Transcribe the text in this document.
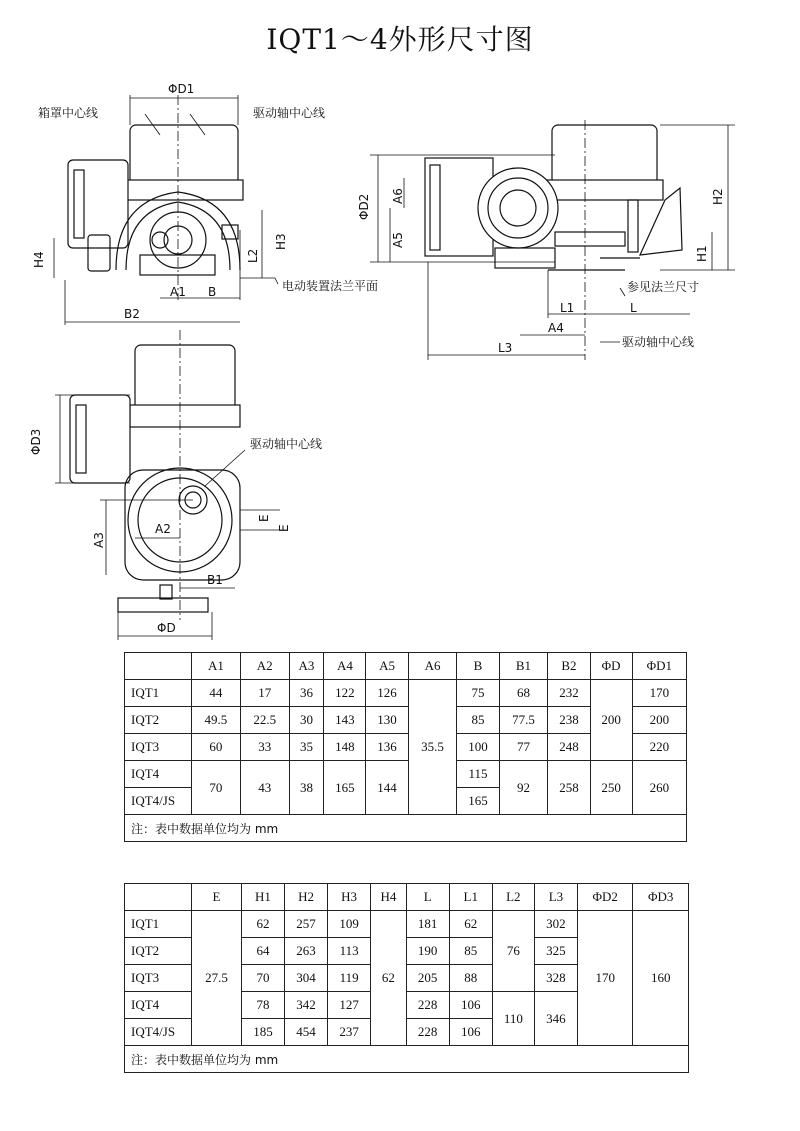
IQT1～4外形尺寸图
ΦD1
箱罩中心线	驱动轴中心线
H4
H3
L2
A1 B
B2
电动装置法兰平面
ΦD2 A6
A5
H2
H1
L1	L
A4
L3
参见法兰尺寸
驱动轴中心线
ΦD3	驱动轴中心线
A2
A3
E
E
B1
ΦD
	A1	A2	A3	A4	A5	A6	B	B1	B2	ΦD	ΦD1
IQT1	44	17	36	122	126	35.5	75	68	232	200	170
IQT2	49.5	22.5	30	143	130		85	77.5	238		200
IQT3	60	33	35	148	136		100	77	248		220
IQT4	70	43	38	165	144		115	92	258	250	260
IQT4/JS							165				
注：表中数据单位均为 mm											
	E	H1	H2	H3	H4	L	L1	L2	L3	ΦD2	ΦD3
IQT1	27.5	62	257	109	62	181	62	76	302	170	160
IQT2		64	263	113		190	85		325		
IQT3		70	304	119		205	88		328		
IQT4		78	342	127		228	106	110	346		
IQT4/JS		185	454	237		228	106				
注：表中数据单位均为 mm											
